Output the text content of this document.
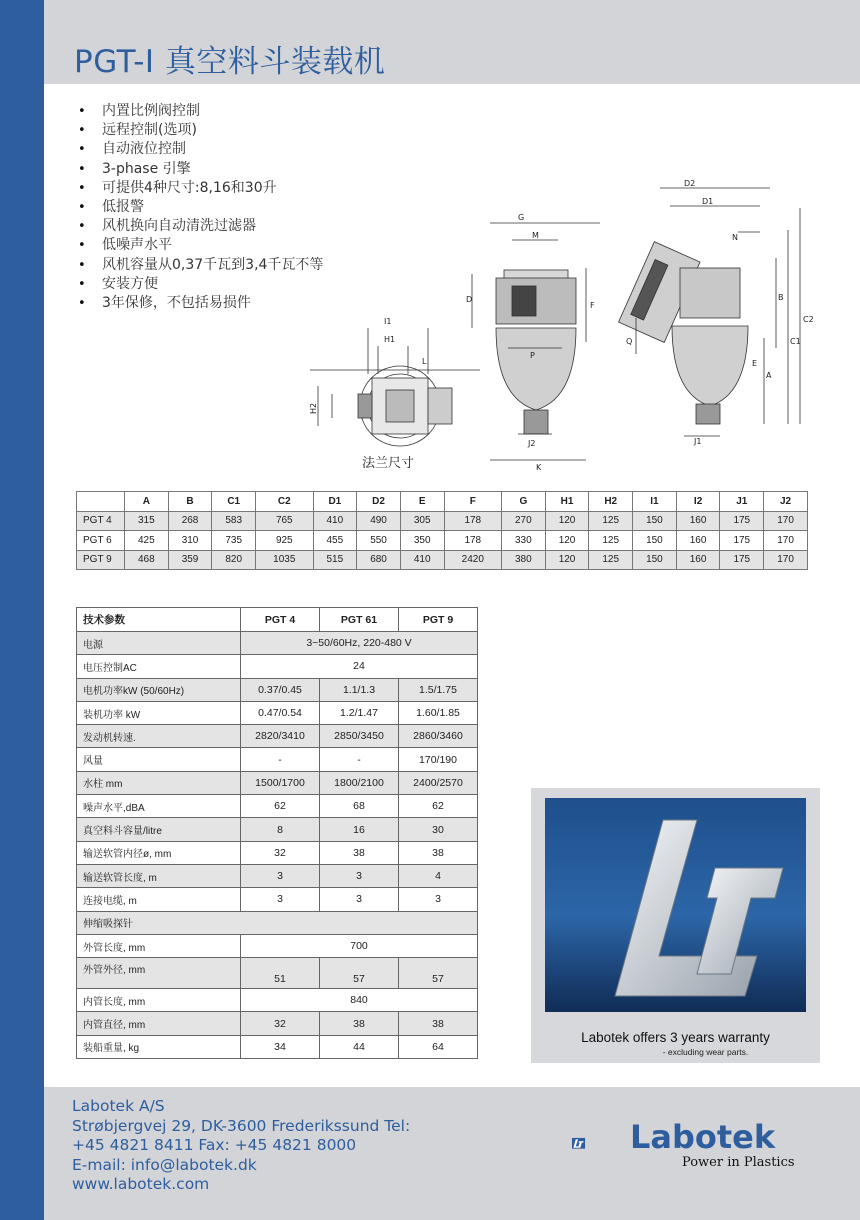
PGT-I 真空料斗装载机
• 内置比例阀控制
• 远程控制(选项)
• 自动液位控制
• 3-phase 引擎
• 可提供4种尺寸:8,16和30升
• 低报警
• 风机换向自动清洗过滤器
• 低噪声水平
• 风机容量从0,37千瓦到3,4千瓦不等
• 安装方便
• 3年保修，不包括易损件
I1
H1
H2
L
G
M
D
F
P
J2
K
D2
D1
N
B
C2
C1
E
A
Q
J1
法兰尺寸
	A	B	C1	C2	D1	D2	E	F	G	H1	H2	I1	I2	J1	J2
PGT 4	315	268	583	765	410	490	305	178	270	120	125	150	160	175	170
PGT 6	425	310	735	925	455	550	350	178	330	120	125	150	160	175	170
PGT 9	468	359	820	1035	515	680	410	2420	380	120	125	150	160	175	170
技术参数	PGT 4	PGT 61	PGT 9
电源	3~50/60Hz, 220-480 V		
电压控制AC	24		
电机功率kW (50/60Hz)	0.37/0.45	1.1/1.3	1.5/1.75
装机功率 kW	0.47/0.54	1.2/1.47	1.60/1.85
发动机转速.	2820/3410	2850/3450	2860/3460
风量	-	-	170/190
水柱 mm	1500/1700	1800/2100	2400/2570
噪声水平,dBA	62	68	62
真空料斗容量/litre	8	16	30
输送软管内径ø, mm	32	38	38
输送软管长度, m	3	3	4
连接电缆, m	3	3	3
伸缩吸探针			
外管长度, mm	700		
外管外径, mm	51	57	57
内管长度, mm	840		
内管直径, mm	32	38	38
装船重量, kg	34	44	64
Labotek offers 3 years warranty
- excluding wear parts.
Labotek A/S
Strøbjergvej 29, DK-3600 Frederikssund Tel:
+45 4821 8411 Fax: +45 4821 8000
E-mail: info@labotek.dk
www.labotek.com
Labotek
Power in Plastics
